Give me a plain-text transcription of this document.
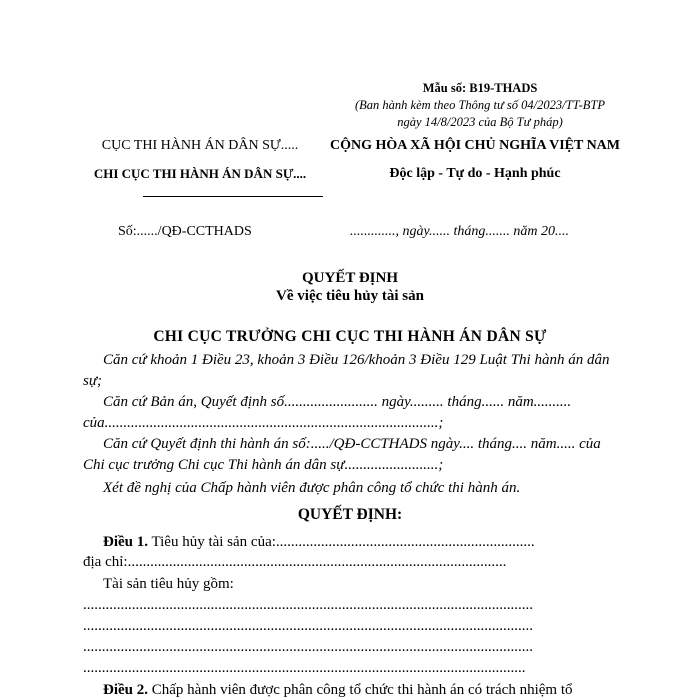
Mẫu số: B19-THADS
(Ban hành kèm theo Thông tư số 04/2023/TT-BTP
ngày 14/8/2023 của Bộ Tư pháp)
CỤC THI HÀNH ÁN DÂN SỰ.....
CHI CỤC THI HÀNH ÁN DÂN SỰ....
CỘNG HÒA XÃ HỘI CHỦ NGHĨA VIỆT NAM
Độc lập - Tự do - Hạnh phúc
Số:....../QĐ-CCTHADS	............., ngày...... tháng....... năm 20....
QUYẾT ĐỊNH
Về việc tiêu hủy tài sản
CHI CỤC TRƯỞNG CHI CỤC THI HÀNH ÁN DÂN SỰ
Căn cứ khoản 1 Điều 23, khoản 3 Điều 126/khoản 3 Điều 129 Luật Thi hành án dân sự;
Căn cứ Bản án, Quyết định số......................... ngày......... tháng...... năm.......... của.........................................................................................;
Căn cứ Quyết định thi hành án số:...../QĐ-CCTHADS ngày.... tháng.... năm..... của Chi cục trưởng Chi cục Thi hành án dân sự.........................;
Xét đề nghị của Chấp hành viên được phân công tổ chức thi hành án.
QUYẾT ĐỊNH:
Điều 1. Tiêu hủy tài sản của:.....................................................................
địa chỉ:.....................................................................................................
Tài sản tiêu hủy gồm:
........................................................................................................................
........................................................................................................................
........................................................................................................................
......................................................................................................................
Điều 2. Chấp hành viên được phân công tổ chức thi hành án có trách nhiệm tổ
